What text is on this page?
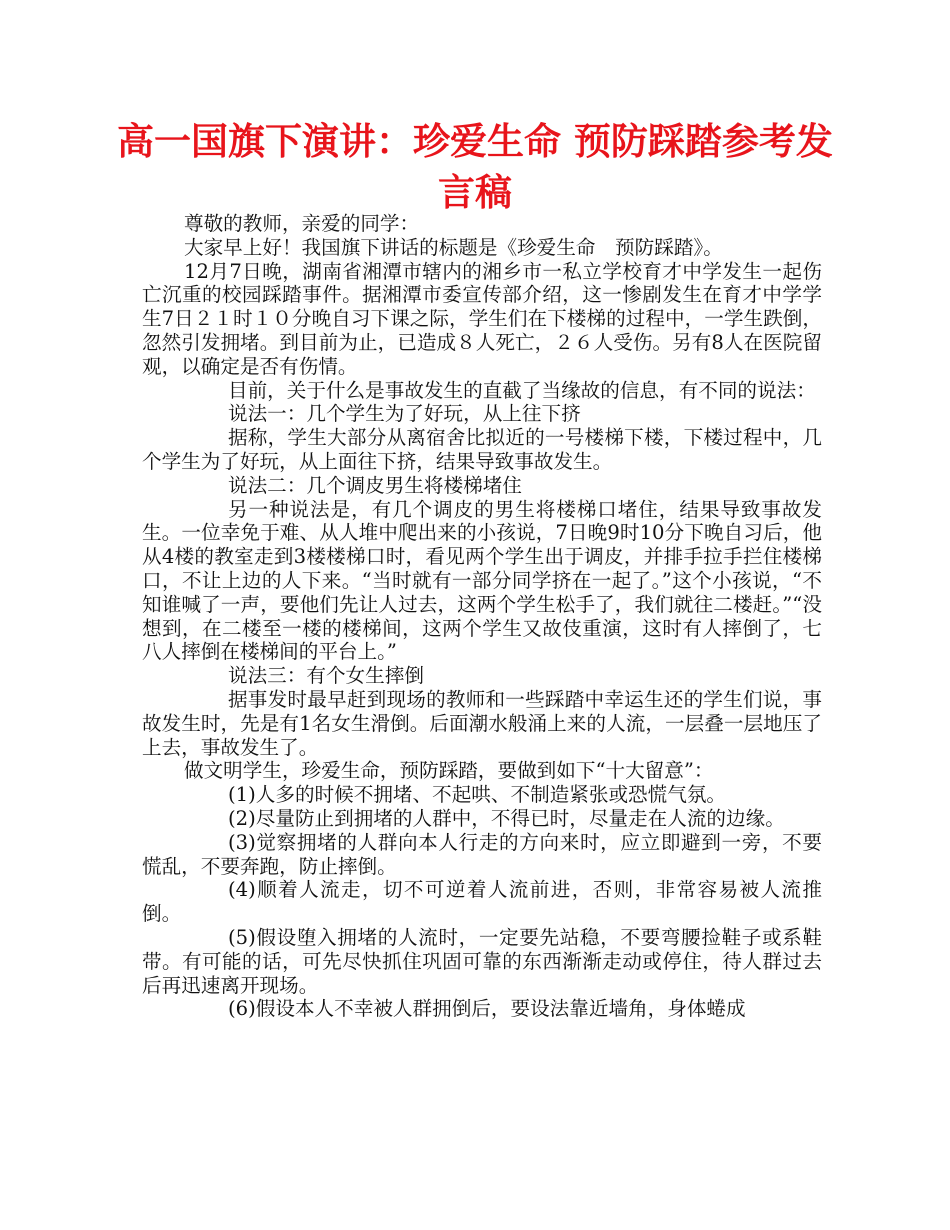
高一国旗下演讲：珍爱生命 预防踩踏参考发言稿

尊敬的教师，亲爱的同学：

大家早上好！我国旗下讲话的标题是《珍爱生命　预防踩踏》。

12月7日晚，湖南省湘潭市辖内的湘乡市一私立学校育才中学发生一起伤亡沉重的校园踩踏事件。据湘潭市委宣传部介绍，这一惨剧发生在育才中学学生7日２１时１０分晚自习下课之际，学生们在下楼梯的过程中，一学生跌倒，忽然引发拥堵。到目前为止，已造成８人死亡，２６人受伤。另有8人在医院留观，以确定是否有伤情。

目前，关于什么是事故发生的直截了当缘故的信息，有不同的说法：

说法一：几个学生为了好玩，从上往下挤

据称，学生大部分从离宿舍比拟近的一号楼梯下楼，下楼过程中，几个学生为了好玩，从上面往下挤，结果导致事故发生。

说法二：几个调皮男生将楼梯堵住

另一种说法是，有几个调皮的男生将楼梯口堵住，结果导致事故发生。一位幸免于难、从人堆中爬出来的小孩说，7日晚9时10分下晚自习后，他从4楼的教室走到3楼楼梯口时，看见两个学生出于调皮，并排手拉手拦住楼梯口，不让上边的人下来。“当时就有一部分同学挤在一起了。”这个小孩说，“不知谁喊了一声，要他们先让人过去，这两个学生松手了，我们就往二楼赶。”“没想到，在二楼至一楼的楼梯间，这两个学生又故伎重演，这时有人摔倒了，七八人摔倒在楼梯间的平台上。”

说法三：有个女生摔倒

据事发时最早赶到现场的教师和一些踩踏中幸运生还的学生们说，事故发生时，先是有1名女生滑倒。后面潮水般涌上来的人流，一层叠一层地压了上去，事故发生了。

做文明学生，珍爱生命，预防踩踏，要做到如下“十大留意”：

(1)人多的时候不拥堵、不起哄、不制造紧张或恐慌气氛。

(2)尽量防止到拥堵的人群中，不得已时，尽量走在人流的边缘。

(3)觉察拥堵的人群向本人行走的方向来时，应立即避到一旁，不要慌乱，不要奔跑，防止摔倒。

(4)顺着人流走，切不可逆着人流前进，否则，非常容易被人流推倒。

(5)假设堕入拥堵的人流时，一定要先站稳，不要弯腰捡鞋子或系鞋带。有可能的话，可先尽快抓住巩固可靠的东西渐渐走动或停住，待人群过去后再迅速离开现场。

(6)假设本人不幸被人群拥倒后，要设法靠近墙角，身体蜷成
